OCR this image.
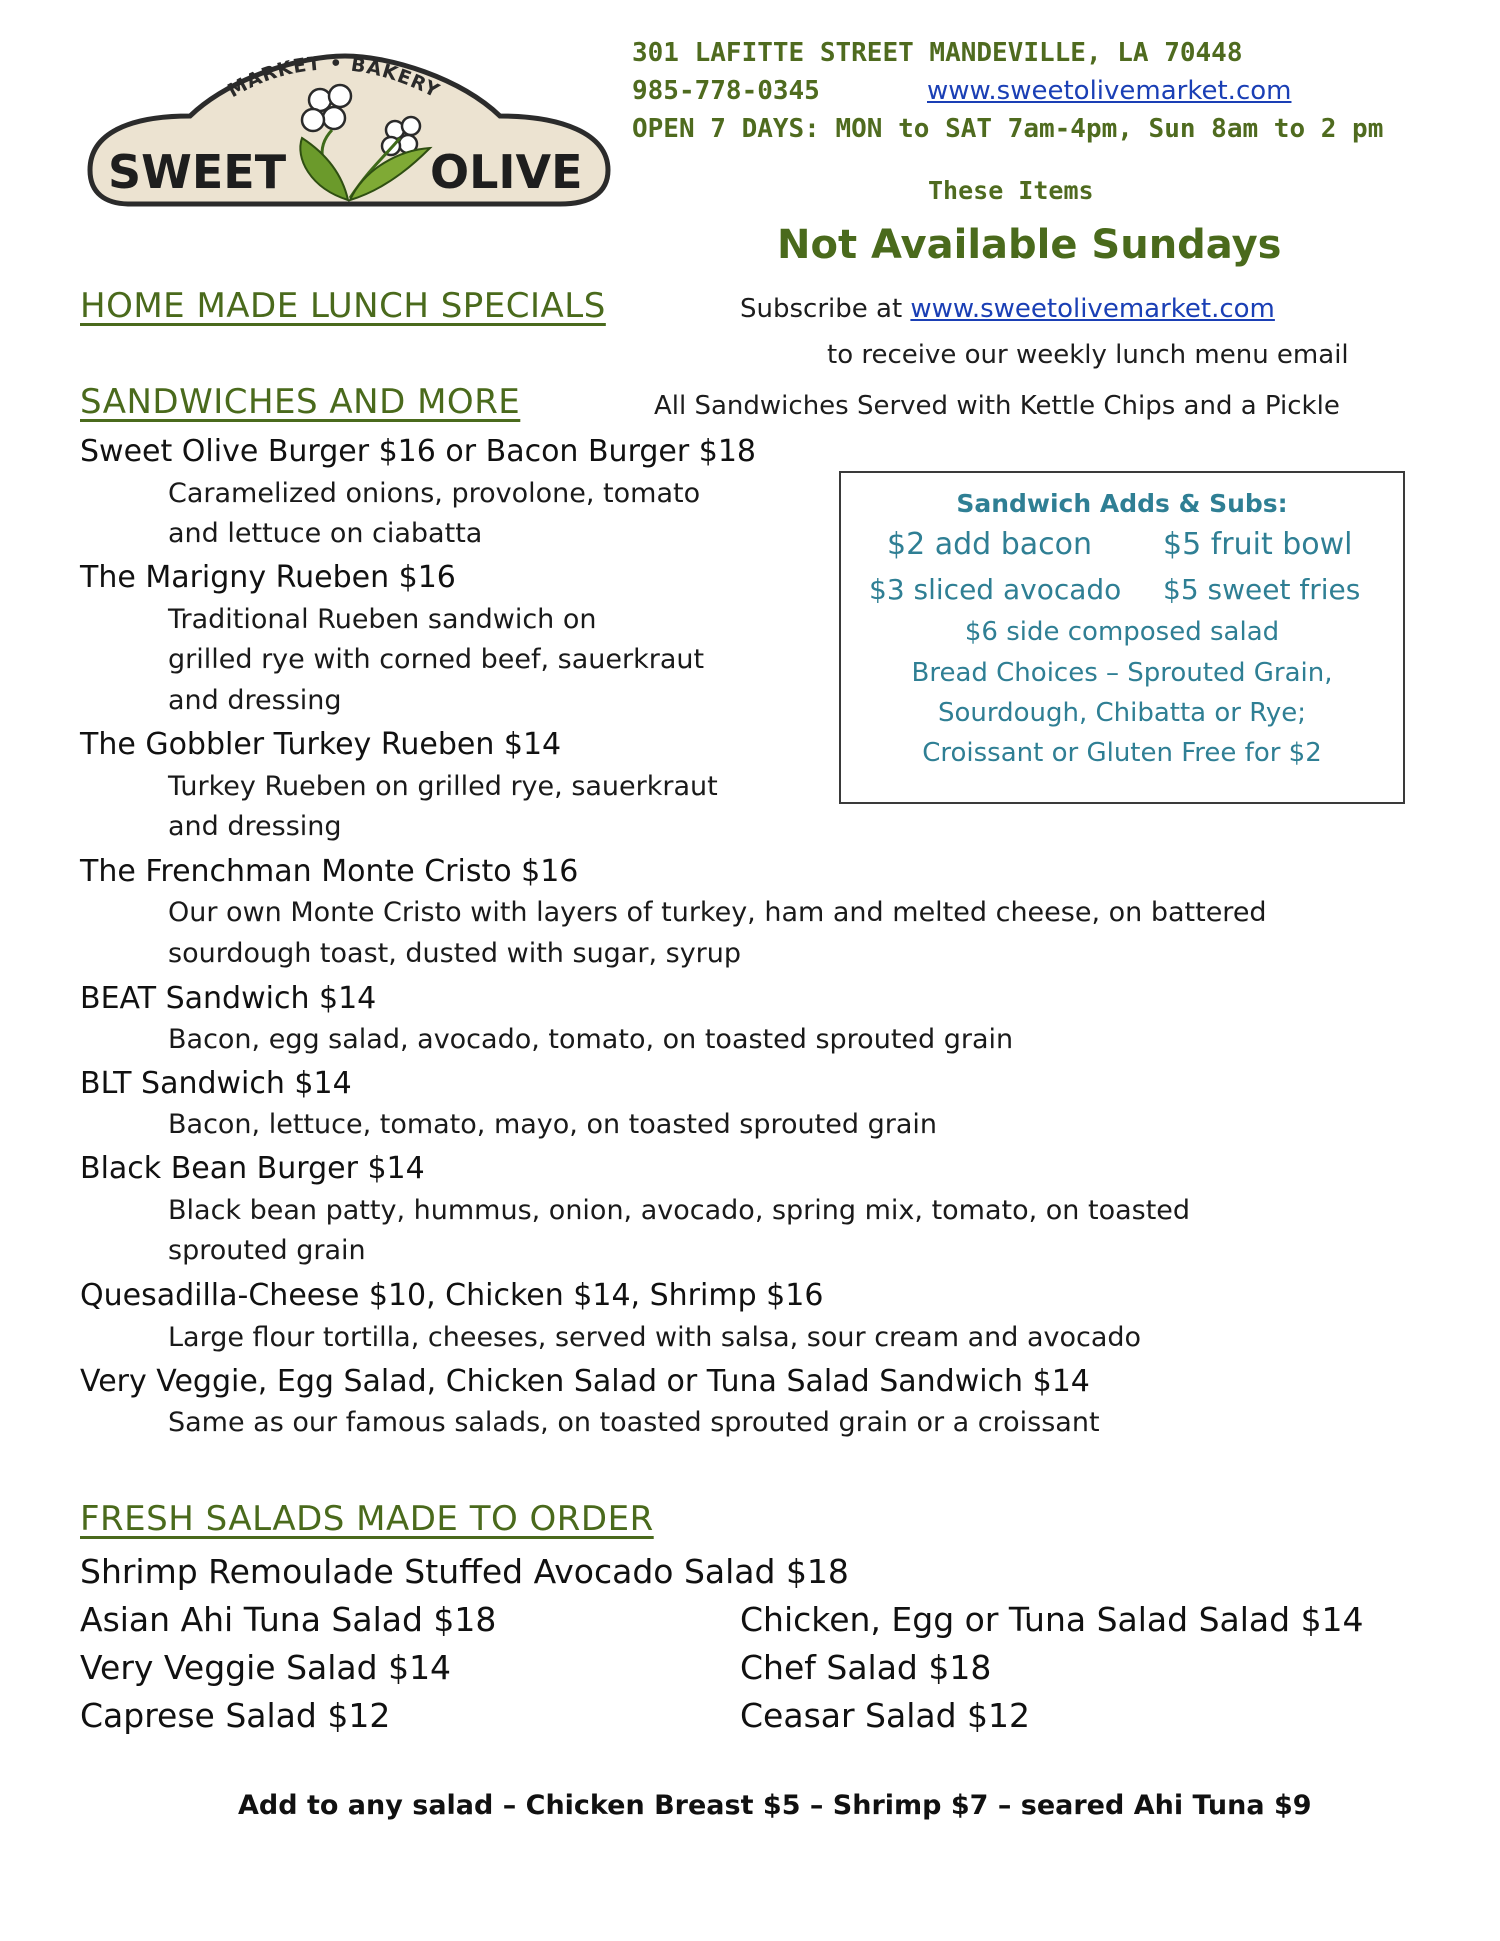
MARKET • BAKERY
SWEET	OLIVE
301 LAFITTE STREET MANDEVILLE, LA 70448
985-778-0345	www.sweetolivemarket.com
OPEN 7 DAYS: MON to SAT 7am-4pm, Sun 8am to 2 pm
These Items
Not Available Sundays
HOME MADE LUNCH SPECIALS	Subscribe at www.sweetolivemarket.com
to receive our weekly lunch menu email
SANDWICHES AND MORE	All Sandwiches Served with Kettle Chips and a Pickle
Sweet Olive Burger $16 or Bacon Burger $18
Caramelized onions, provolone, tomato
and lettuce on ciabatta
The Marigny Rueben $16
Traditional Rueben sandwich on
grilled rye with corned beef, sauerkraut
and dressing
The Gobbler Turkey Rueben $14
Turkey Rueben on grilled rye, sauerkraut
and dressing
The Frenchman Monte Cristo $16
Our own Monte Cristo with layers of turkey, ham and melted cheese, on battered
sourdough toast, dusted with sugar, syrup
BEAT Sandwich $14
Bacon, egg salad, avocado, tomato, on toasted sprouted grain
BLT Sandwich $14
Bacon, lettuce, tomato, mayo, on toasted sprouted grain
Black Bean Burger $14
Black bean patty, hummus, onion, avocado, spring mix, tomato, on toasted
sprouted grain
Quesadilla-Cheese $10, Chicken $14, Shrimp $16
Large flour tortilla, cheeses, served with salsa, sour cream and avocado
Very Veggie, Egg Salad, Chicken Salad or Tuna Salad Sandwich $14
Same as our famous salads, on toasted sprouted grain or a croissant
Sandwich Adds & Subs:
$2 add bacon $5 fruit bowl
$3 sliced avocado $5 sweet fries
$6 side composed salad
Bread Choices – Sprouted Grain,
Sourdough, Chibatta or Rye;
Croissant or Gluten Free for $2
FRESH SALADS MADE TO ORDER
Shrimp Remoulade Stuffed Avocado Salad $18
Asian Ahi Tuna Salad $18
Very Veggie Salad $14
Caprese Salad $12
Chicken, Egg or Tuna Salad Salad $14
Chef Salad $18
Ceasar Salad $12
Add to any salad – Chicken Breast $5 – Shrimp $7 – seared Ahi Tuna $9
